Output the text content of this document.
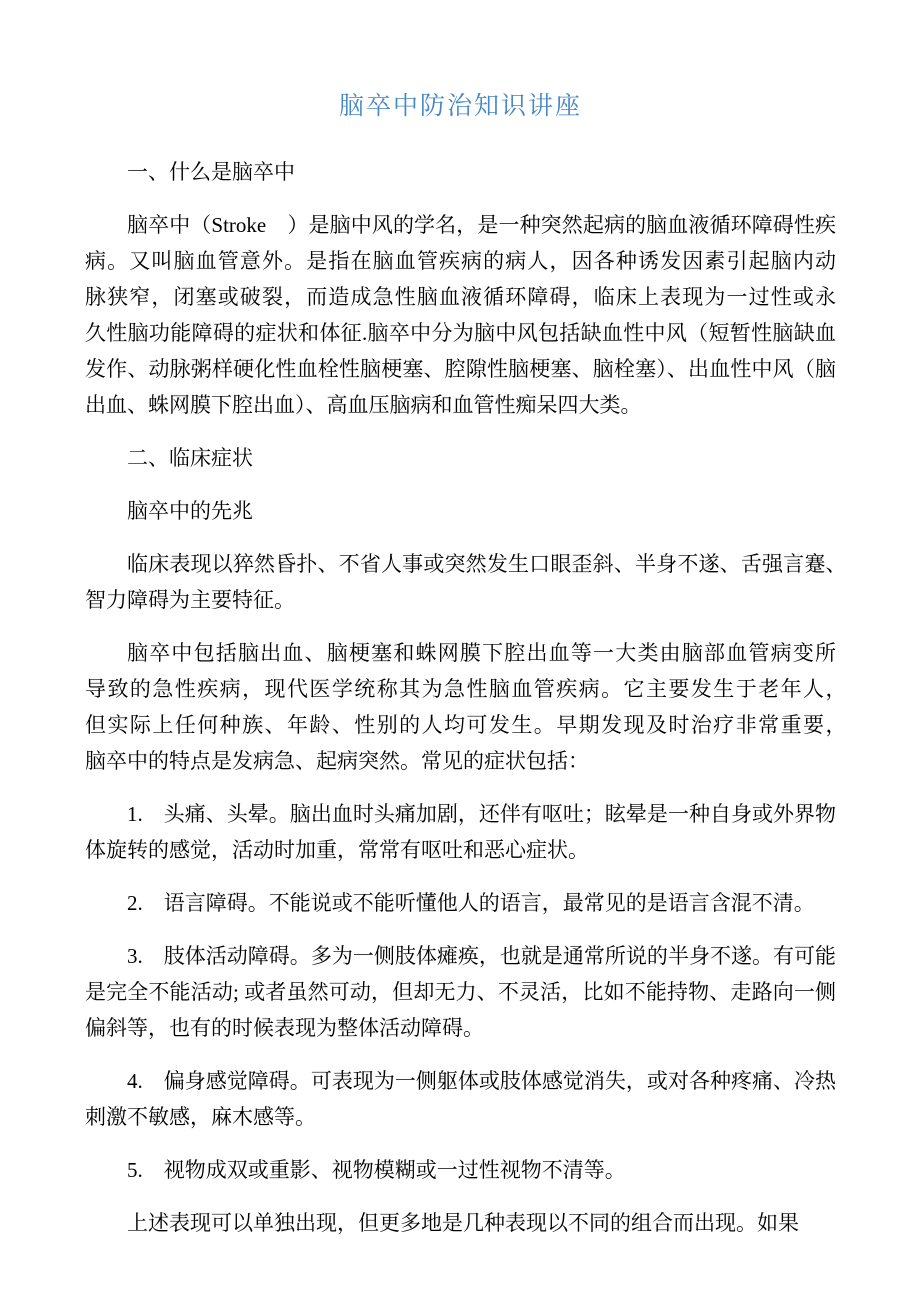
脑卒中防治知识讲座

一、什么是脑卒中

脑卒中（Stroke　）是脑中风的学名，是一种突然起病的脑血液循环障碍性疾　病。又叫脑血管意外。是指在脑血管疾病的病人，因各种诱发因素引起脑内动　脉狭窄，闭塞或破裂，而造成急性脑血液循环障碍，临床上表现为一过性或永　久性脑功能障碍的症状和体征.脑卒中分为脑中风包括缺血性中风（短暂性脑缺血发作、动脉粥样硬化性血栓性脑梗塞、腔隙性脑梗塞、脑栓塞）、出血性中风（脑出血、蛛网膜下腔出血）、高血压脑病和血管性痴呆四大类。

二、临床症状

脑卒中的先兆

临床表现以猝然昏扑、不省人事或突然发生口眼歪斜、半身不遂、舌强言蹇、　智力障碍为主要特征。

脑卒中包括脑出血、脑梗塞和蛛网膜下腔出血等一大类由脑部血管病变所　导致的急性疾病，现代医学统称其为急性脑血管疾病。它主要发生于老年人，　　但实际上任何种族、年龄、性别的人均可发生。早期发现及时治疗非常重要，　　脑卒中的特点是发病急、起病突然。常见的症状包括：

1.　头痛、头晕。脑出血时头痛加剧，还伴有呕吐；眩晕是一种自身或外界物体旋转的感觉，活动时加重，常常有呕吐和恶心症状。

2.　语言障碍。不能说或不能听懂他人的语言，最常见的是语言含混不清。

3.　肢体活动障碍。多为一侧肢体瘫痪，也就是通常所说的半身不遂。有可能是完全不能活动; 或者虽然可动，但却无力、不灵活，比如不能持物、走路向一侧偏斜等，也有的时候表现为整体活动障碍。

4.　偏身感觉障碍。可表现为一侧躯体或肢体感觉消失，或对各种疼痛、冷热刺激不敏感，麻木感等。

5.　视物成双或重影、视物模糊或一过性视物不清等。

上述表现可以单独出现，但更多地是几种表现以不同的组合而出现。如果
